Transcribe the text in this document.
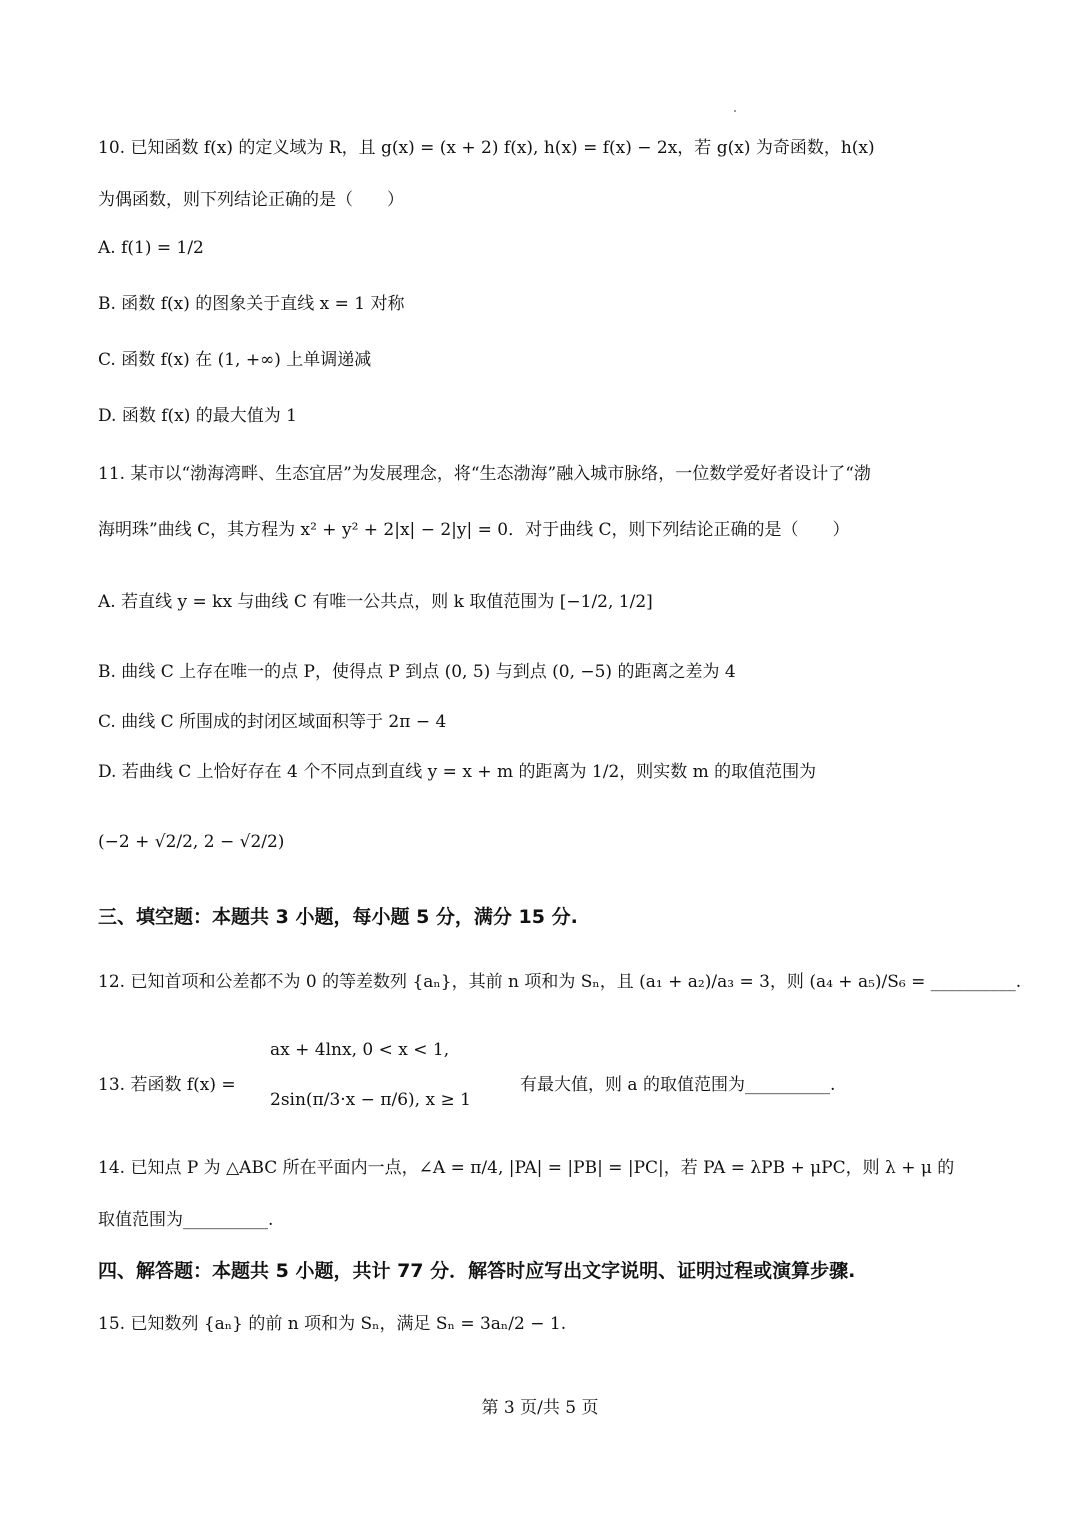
10. 已知函数 f(x) 的定义域为 R，且 g(x) = (x + 2) f(x), h(x) = f(x) − 2x，若 g(x) 为奇函数，h(x)
为偶函数，则下列结论正确的是（　　）
A. f(1) = 1/2
B. 函数 f(x) 的图象关于直线 x = 1 对称
C. 函数 f(x) 在 (1, +∞) 上单调递减
D. 函数 f(x) 的最大值为 1
11. 某市以“渤海湾畔、生态宜居”为发展理念，将“生态渤海”融入城市脉络，一位数学爱好者设计了“渤
海明珠”曲线 C，其方程为 x² + y² + 2|x| − 2|y| = 0．对于曲线 C，则下列结论正确的是（　　）
A. 若直线 y = kx 与曲线 C 有唯一公共点，则 k 取值范围为 [−1/2, 1/2]
B. 曲线 C 上存在唯一的点 P，使得点 P 到点 (0, 5) 与到点 (0, −5) 的距离之差为 4
C. 曲线 C 所围成的封闭区域面积等于 2π − 4
D. 若曲线 C 上恰好存在 4 个不同点到直线 y = x + m 的距离为 1/2，则实数 m 的取值范围为
(−2 + √2/2, 2 − √2/2)
三、填空题：本题共 3 小题，每小题 5 分，满分 15 分.
12. 已知首项和公差都不为 0 的等差数列 {aₙ}，其前 n 项和为 Sₙ，且 (a₁ + a₂)/a₃ = 3，则 (a₄ + a₅)/S₆ = __________.
13. 若函数 f(x) =
ax + 4lnx, 0 < x < 1,
2sin(π/3·x − π/6), x ≥ 1
有最大值，则 a 的取值范围为__________.
14. 已知点 P 为 △ABC 所在平面内一点，∠A = π/4, |PA| = |PB| = |PC|，若 PA = λPB + μPC，则 λ + μ 的
取值范围为__________.
四、解答题：本题共 5 小题，共计 77 分．解答时应写出文字说明、证明过程或演算步骤.
15. 已知数列 {aₙ} 的前 n 项和为 Sₙ，满足 Sₙ = 3aₙ/2 − 1.
第 3 页/共 5 页
